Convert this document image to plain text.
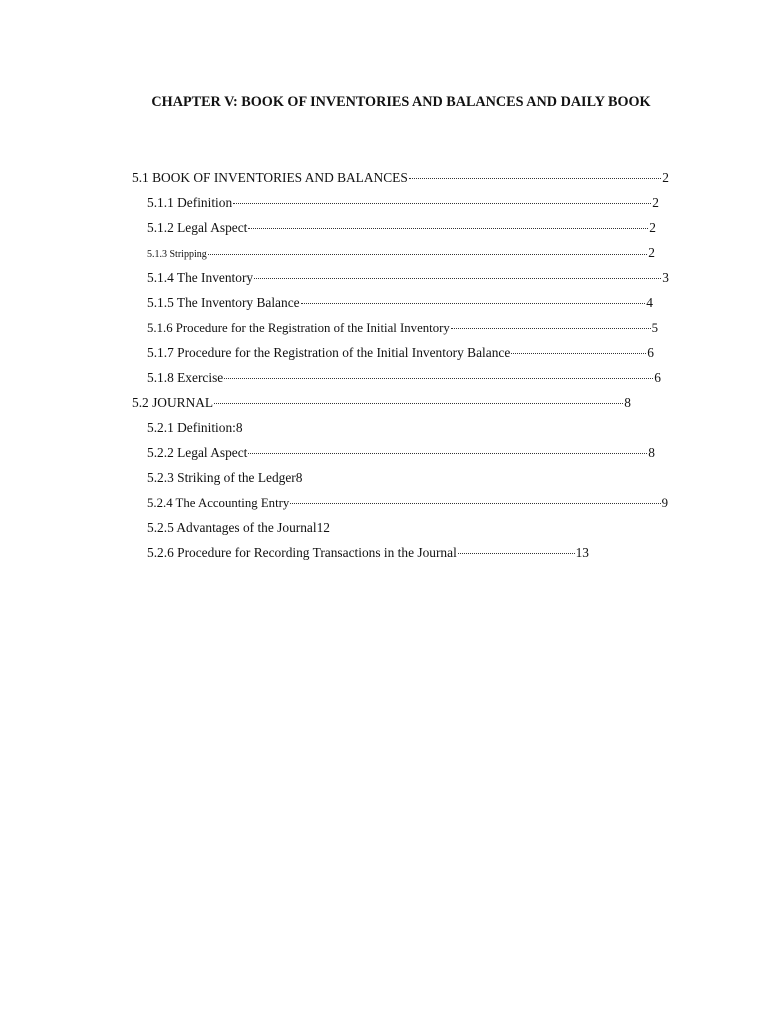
CHAPTER V: BOOK OF INVENTORIES AND BALANCES AND DAILY BOOK
5.1 BOOK OF INVENTORIES AND BALANCES	2
5.1.1 Definition	2
5.1.2 Legal Aspect	2
5.1.3 Stripping	2
5.1.4 The Inventory	3
5.1.5 The Inventory Balance	4
5.1.6 Procedure for the Registration of the Initial Inventory	5
5.1.7 Procedure for the Registration of the Initial Inventory Balance	6
5.1.8 Exercise	6
5.2 JOURNAL	8
5.2.1 Definition: 8
5.2.2 Legal Aspect	8
5.2.3 Striking of the Ledger 8
5.2.4 The Accounting Entry	9
5.2.5 Advantages of the Journal 12
5.2.6 Procedure for Recording Transactions in the Journal	13
